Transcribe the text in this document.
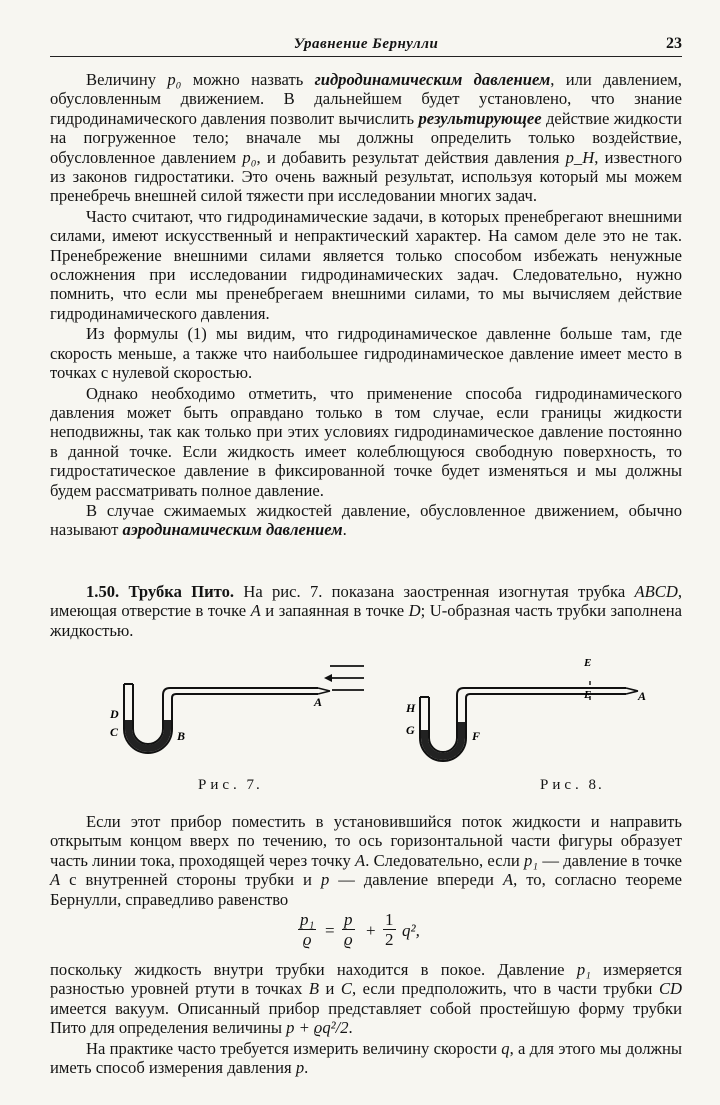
Уравнение Бернулли	23

Величину p₀ можно назвать гидродинамическим давлением, или давлением, обусловленным движением. В дальнейшем будет установлено, что знание гидродинамического давления позволит вычислить результирующее действие жидкости на погруженное тело; вначале мы должны определить только воздействие, обусловленное давлением p₀, и добавить результат действия давления p_H, известного из законов гидростатики. Это очень важный результат, используя который мы можем пренебречь внешней силой тяжести при исследовании многих задач.

Часто считают, что гидродинамические задачи, в которых пренебрегают внешними силами, имеют искусственный и непрактический характер. На самом деле это не так. Пренебрежение внешними силами является только способом избежать ненужные осложнения при исследовании гидродинамических задач. Следовательно, нужно помнить, что если мы пренебрегаем внешними силами, то мы вычисляем действие гидродинамического давления.

Из формулы (1) мы видим, что гидродинамическое давленне больше там, где скорость меньше, а также что наибольшее гидродинамическое давление имеет место в точках с нулевой скоростью.

Однако необходимо отметить, что применение способа гидродинамического давления может быть оправдано только в том случае, если границы жидкости неподвижны, так как только при этих условиях гидродинамическое давление постоянно в данной точке. Если жидкость имеет колеблющуюся свободную поверхность, то гидростатическое давление в фиксированной точке будет изменяться и мы должны будем рассматривать полное давление.

В случае сжимаемых жидкостей давление, обусловленное движением, обычно называют аэродинамическим давлением.

1.50. Трубка Пито. На рис. 7. показана заостренная изогнутая трубка ABCD, имеющая отверстие в точке A и запаянная в точке D; U-образная часть трубки заполнена жидкостью.

D
C	B
A
Рис. 7.
A
E
E
H
G	F
Рис. 8.

Если этот прибор поместить в установившийся поток жидкости и направить открытым концом вверх по течению, то ось горизонтальной части фигуры образует часть линии тока, проходящей через точку A. Следовательно, если p₁ — давление в точке A с внутренней стороны трубки и p — давление впереди A, то, согласно теореме Бернулли, справедливо равенство

$\frac{\text{p₁}}{ϱ} = \frac{p}{ϱ} + \frac{1}{2} q^2$,

поскольку жидкость внутри трубки находится в покое. Давление p₁ измеряется разностью уровней ртути в точках B и C, если предположить, что в части трубки CD имеется вакуум. Описанный прибор представляет собой простейшую форму трубки Пито для определения величины p + ϱq²/2.

На практике часто требуется измерить величину скорости q, а для этого мы должны иметь способ измерения давления p.
